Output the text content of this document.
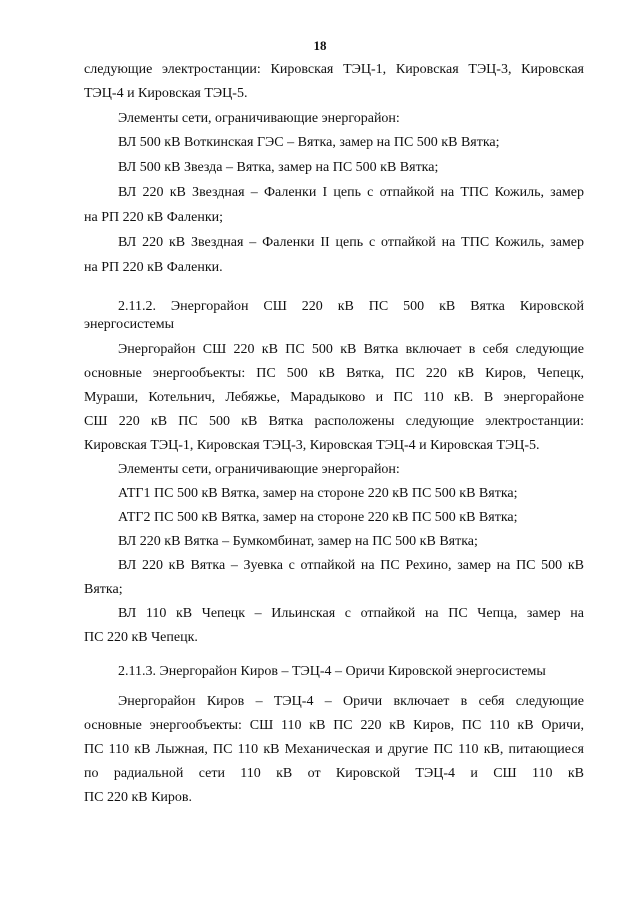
18
следующие электростанции: Кировская ТЭЦ-1, Кировская ТЭЦ-3, Кировская
ТЭЦ-4 и Кировская ТЭЦ-5.
Элементы сети, ограничивающие энергорайон:
ВЛ 500 кВ Воткинская ГЭС – Вятка, замер на ПС 500 кВ Вятка;
ВЛ 500 кВ Звезда – Вятка, замер на ПС 500 кВ Вятка;
ВЛ 220 кВ Звездная – Фаленки I цепь с отпайкой на ТПС Кожиль, замер
на РП 220 кВ Фаленки;
ВЛ 220 кВ Звездная – Фаленки II цепь с отпайкой на ТПС Кожиль, замер
на РП 220 кВ Фаленки.
2.11.2. Энергорайон СШ 220 кВ ПС 500 кВ Вятка Кировской
энергосистемы
Энергорайон СШ 220 кВ ПС 500 кВ Вятка включает в себя следующие
основные энергообъекты: ПС 500 кВ Вятка, ПС 220 кВ Киров, Чепецк,
Мураши, Котельнич, Лебяжье, Марадыково и ПС 110 кВ. В энергорайоне
СШ 220 кВ ПС 500 кВ Вятка расположены следующие электростанции:
Кировская ТЭЦ-1, Кировская ТЭЦ-3, Кировская ТЭЦ-4 и Кировская ТЭЦ-5.
Элементы сети, ограничивающие энергорайон:
АТГ1 ПС 500 кВ Вятка, замер на стороне 220 кВ ПС 500 кВ Вятка;
АТГ2 ПС 500 кВ Вятка, замер на стороне 220 кВ ПС 500 кВ Вятка;
ВЛ 220 кВ Вятка – Бумкомбинат, замер на ПС 500 кВ Вятка;
ВЛ 220 кВ Вятка – Зуевка с отпайкой на ПС Рехино, замер на ПС 500 кВ
Вятка;
ВЛ 110 кВ Чепецк – Ильинская с отпайкой на ПС Чепца, замер на
ПС 220 кВ Чепецк.
2.11.3. Энергорайон Киров – ТЭЦ-4 – Оричи Кировской энергосистемы
Энергорайон Киров – ТЭЦ-4 – Оричи включает в себя следующие
основные энергообъекты: СШ 110 кВ ПС 220 кВ Киров, ПС 110 кВ Оричи,
ПС 110 кВ Лыжная, ПС 110 кВ Механическая и другие ПС 110 кВ, питающиеся
по радиальной сети 110 кВ от Кировской ТЭЦ-4 и СШ 110 кВ
ПС 220 кВ Киров.
